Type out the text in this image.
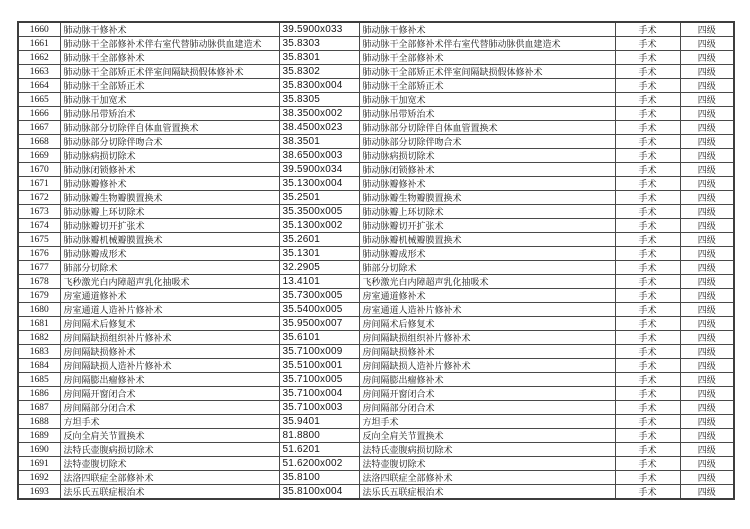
1660	肺动脉干修补术	39.5900x033	肺动脉干修补术	手术	四级
1661	肺动脉干全部修补术伴右室代替肺动脉供血建造术	35.8303	肺动脉干全部修补术伴右室代替肺动脉供血建造术	手术	四级
1662	肺动脉干全部修补术	35.8301	肺动脉干全部修补术	手术	四级
1663	肺动脉干全部矫正术伴室间隔缺损假体修补术	35.8302	肺动脉干全部矫正术伴室间隔缺损假体修补术	手术	四级
1664	肺动脉干全部矫正术	35.8300x004	肺动脉干全部矫正术	手术	四级
1665	肺动脉干加宽术	35.8305	肺动脉干加宽术	手术	四级
1666	肺动脉吊带矫治术	38.3500x002	肺动脉吊带矫治术	手术	四级
1667	肺动脉部分切除伴自体血管置换术	38.4500x023	肺动脉部分切除伴自体血管置换术	手术	四级
1668	肺动脉部分切除伴吻合术	38.3501	肺动脉部分切除伴吻合术	手术	四级
1669	肺动脉病损切除术	38.6500x003	肺动脉病损切除术	手术	四级
1670	肺动脉闭锁修补术	39.5900x034	肺动脉闭锁修补术	手术	四级
1671	肺动脉瓣修补术	35.1300x004	肺动脉瓣修补术	手术	四级
1672	肺动脉瓣生物瓣膜置换术	35.2501	肺动脉瓣生物瓣膜置换术	手术	四级
1673	肺动脉瓣上环切除术	35.3500x005	肺动脉瓣上环切除术	手术	四级
1674	肺动脉瓣切开扩张术	35.1300x002	肺动脉瓣切开扩张术	手术	四级
1675	肺动脉瓣机械瓣膜置换术	35.2601	肺动脉瓣机械瓣膜置换术	手术	四级
1676	肺动脉瓣成形术	35.1301	肺动脉瓣成形术	手术	四级
1677	肺部分切除术	32.2905	肺部分切除术	手术	四级
1678	飞秒激光白内障超声乳化抽吸术	13.4101	飞秒激光白内障超声乳化抽吸术	手术	四级
1679	房室通道修补术	35.7300x005	房室通道修补术	手术	四级
1680	房室通道人造补片修补术	35.5400x005	房室通道人造补片修补术	手术	四级
1681	房间隔术后修复术	35.9500x007	房间隔术后修复术	手术	四级
1682	房间隔缺损组织补片修补术	35.6101	房间隔缺损组织补片修补术	手术	四级
1683	房间隔缺损修补术	35.7100x009	房间隔缺损修补术	手术	四级
1684	房间隔缺损人造补片修补术	35.5100x001	房间隔缺损人造补片修补术	手术	四级
1685	房间隔膨出瘤修补术	35.7100x005	房间隔膨出瘤修补术	手术	四级
1686	房间隔开窗闭合术	35.7100x004	房间隔开窗闭合术	手术	四级
1687	房间隔部分闭合术	35.7100x003	房间隔部分闭合术	手术	四级
1688	方坦手术	35.9401	方坦手术	手术	四级
1689	反向全肩关节置换术	81.8800	反向全肩关节置换术	手术	四级
1690	法特氏壶腹病损切除术	51.6201	法特氏壶腹病损切除术	手术	四级
1691	法特壶腹切除术	51.6200x002	法特壶腹切除术	手术	四级
1692	法洛四联症全部修补术	35.8100	法洛四联症全部修补术	手术	四级
1693	法乐氏五联症根治术	35.8100x004	法乐氏五联症根治术	手术	四级
